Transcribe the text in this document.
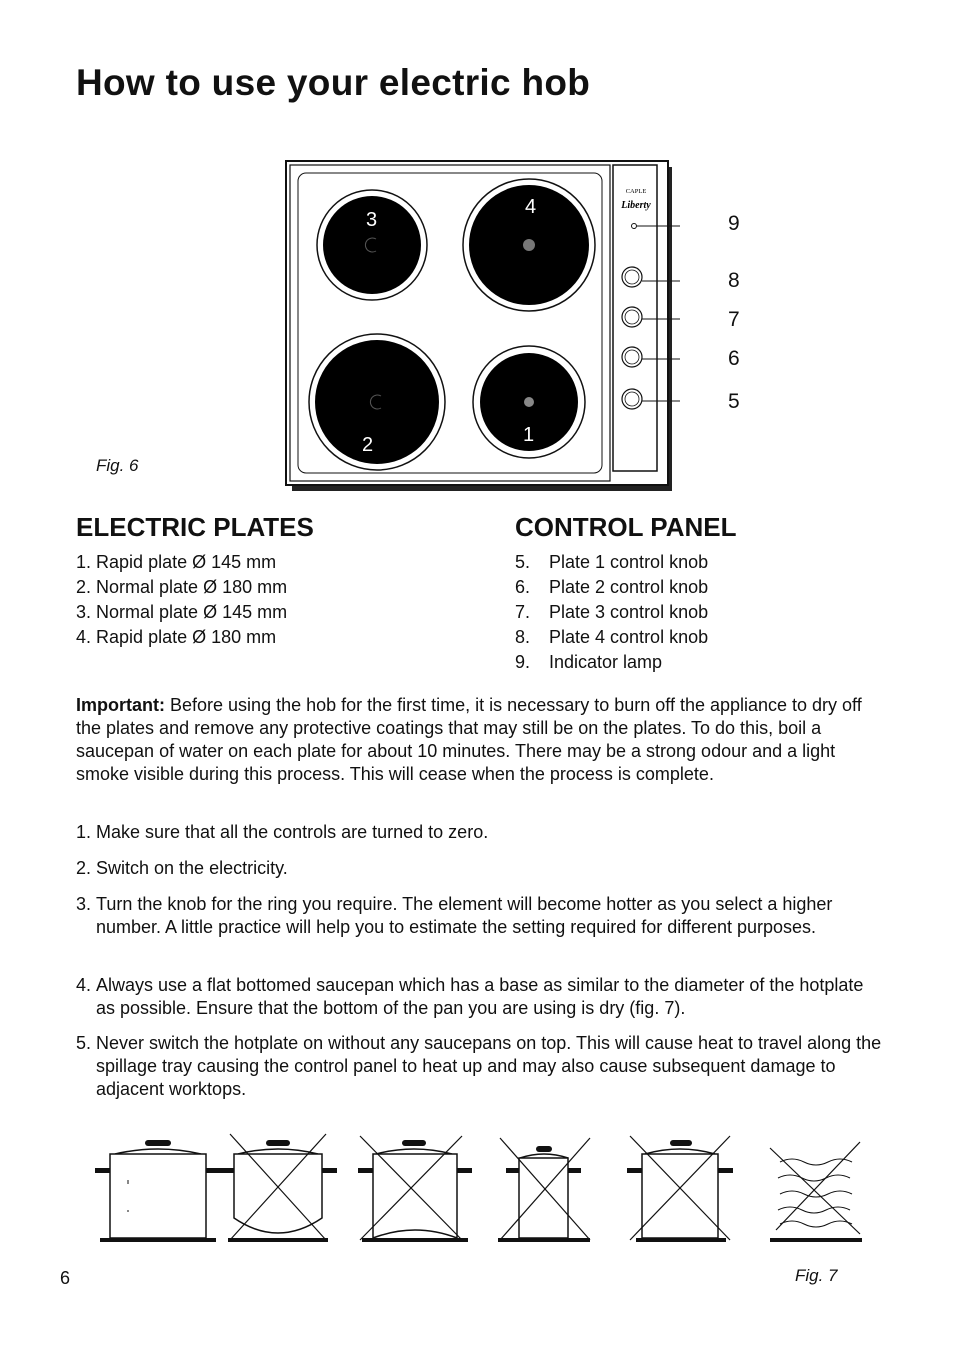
How to use your electric hob
3
4
2	1
CAPLE
Liberty
9
8
7
6
5
Fig. 6
ELECTRIC PLATES
1. Rapid plate Ø 145 mm
2. Normal plate Ø 180 mm
3. Normal plate Ø 145 mm
4. Rapid plate Ø 180 mm
CONTROL PANEL
5. Plate 1 control knob
6. Plate 2 control knob
7. Plate 3 control knob
8. Plate 4 control knob
9. Indicator lamp

Important: Before using the hob for the first time, it is necessary to burn off the appliance to dry off the plates and remove any protective coatings that may still be on the plates. To do this, boil a saucepan of water on each plate for about 10 minutes. There may be a strong odour and a light smoke visible during this process. This will cease when the process is complete.

1. Make sure that all the controls are turned to zero.
2. Switch on the electricity.
3. Turn the knob for the ring you require. The element will become hotter as you select a higher number. A little practice will help you to estimate the setting required for different purposes.
4. Always use a flat bottomed saucepan which has a base as similar to the diameter of the hotplate as possible. Ensure that the bottom of the pan you are using is dry (fig. 7).
5. Never switch the hotplate on without any saucepans on top. This will cause heat to travel along the spillage tray causing the control panel to heat up and may also cause subsequent damage to adjacent worktops.
6	Fig. 7
